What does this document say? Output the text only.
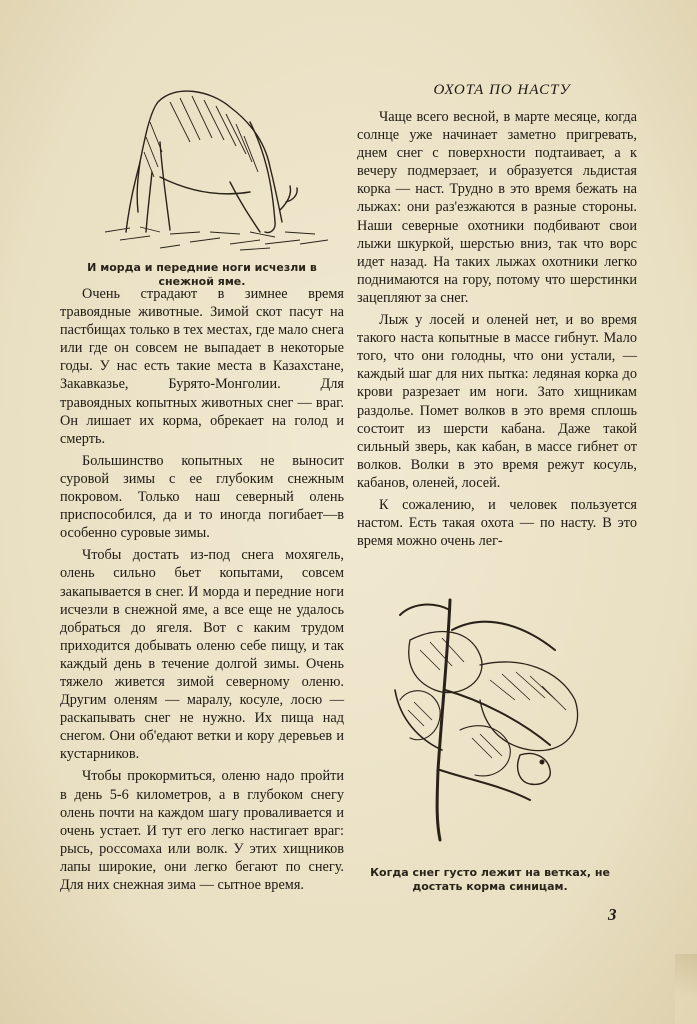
И морда и передние ноги исчезли в снежной яме.

Очень страдают в зимнее время травоядные животные. Зимой скот пасут на пастбищах только в тех местах, где мало снега или где он совсем не выпадает в некоторые годы. У нас есть такие места в Казахстане, Закавказье, Бурято-Монголии. Для травоядных копытных животных снег — враг. Он лишает их корма, обрекает на голод и смерть.

Большинство копытных не выносит суровой зимы с ее глубоким снежным покровом. Только наш северный олень приспособился, да и то иногда погибает—в особенно суровые зимы.

Чтобы достать из-под снега мохягель, олень сильно бьет копытами, совсем закапывается в снег. И морда и передние ноги исчезли в снежной яме, а все еще не удалось добраться до ягеля. Вот с каким трудом приходится добывать оленю себе пищу, и так каждый день в течение долгой зимы. Очень тяжело живется зимой северному оленю. Другим оленям — маралу, косуле, лосю — раскапывать снег не нужно. Их пища над снегом. Они об'едают ветки и кору деревьев и кустарников.

Чтобы прокормиться, оленю надо пройти в день 5-6 километров, а в глубоком снегу олень почти на каждом шагу проваливается и очень устает. И тут его легко настигает враг: рысь, россомаха или волк. У этих хищников лапы широкие, они легко бегают по снегу. Для них снежная зима — сытное время.

ОХОТА ПО НАСТУ

Чаще всего весной, в марте месяце, когда солнце уже начинает заметно пригревать, днем снег с поверхности подтаивает, а к вечеру подмерзает, и образуется льдистая корка — наст. Трудно в это время бежать на лыжах: они раз'езжаются в разные стороны. Наши северные охотники подбивают свои лыжи шкуркой, шерстью вниз, так что ворс идет назад. На таких лыжах охотники легко поднимаются на гору, потому что шерстинки зацепляют за снег.

Лыж у лосей и оленей нет, и во время такого наста копытные в массе гибнут. Мало того, что они голодны, что они устали, — каждый шаг для них пытка: ледяная корка до крови разрезает им ноги. Зато хищникам раздолье. Помет волков в это время сплошь состоит из шерсти кабана. Даже такой сильный зверь, как кабан, в массе гибнет от волков. Волки в это время режут косуль, кабанов, оленей, лосей.

К сожалению, и человек пользуется настом. Есть такая охота — по насту. В это время можно очень лег-

Когда снег густо лежит на ветках, не достать корма синицам.
3
